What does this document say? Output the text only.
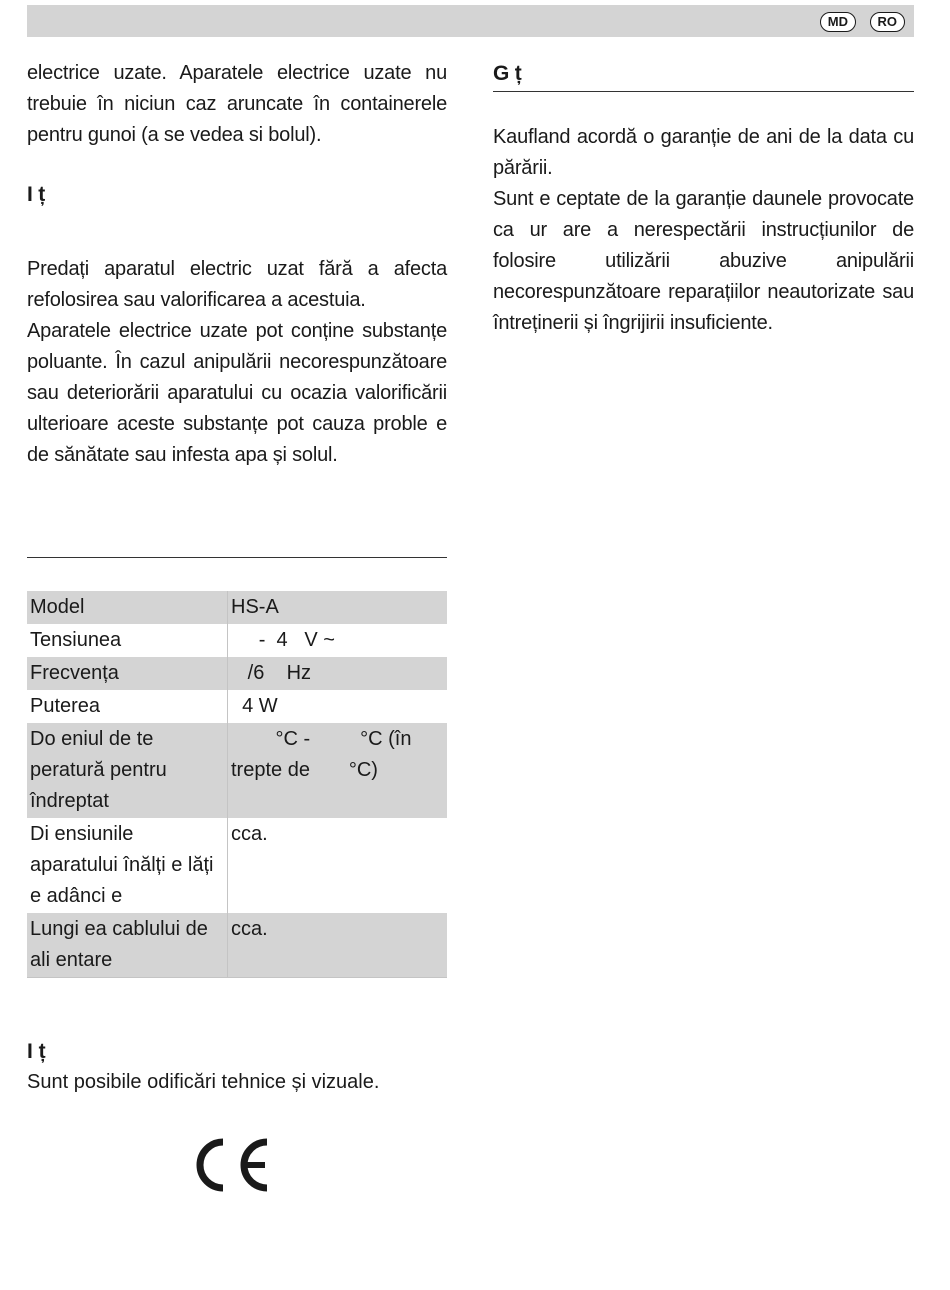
MD	RO

electrice uzate. Aparatele electrice uzate nu trebuie în niciun caz aruncate în containerele pentru gunoi (a se vedea si bolul).

I ț

Predați aparatul electric uzat fără a afecta refolosirea sau valorificarea a acestuia.

Aparatele electrice uzate pot conține substanțe poluante. În cazul anipulării necorespunzătoare sau deteriorării aparatului cu ocazia valorificării ulterioare aceste substanțe pot cauza proble e de sănătate sau infesta apa și solul.

G ț

Kaufland acordă o garanție de ani de la data cu părării.

Sunt e ceptate de la garanție daunele provocate ca ur are a nerespectării instrucțiunilor de folosire utilizării abuzive anipulării necorespunzătoare reparațiilor neautorizate sau întreținerii și îngrijirii insuficiente.

Model	HS-A
Tensiunea	-  4   V ~
Frecvența	/6    Hz
Puterea	4 W
Do eniul de te peratură pentru îndreptat	°C -         °C (în trepte de       °C)
Di ensiunile aparatului înălți e lăți e adânci e	cca.
Lungi ea cablului de ali entare	cca.
I ț
Sunt posibile odificări tehnice și vizuale.
